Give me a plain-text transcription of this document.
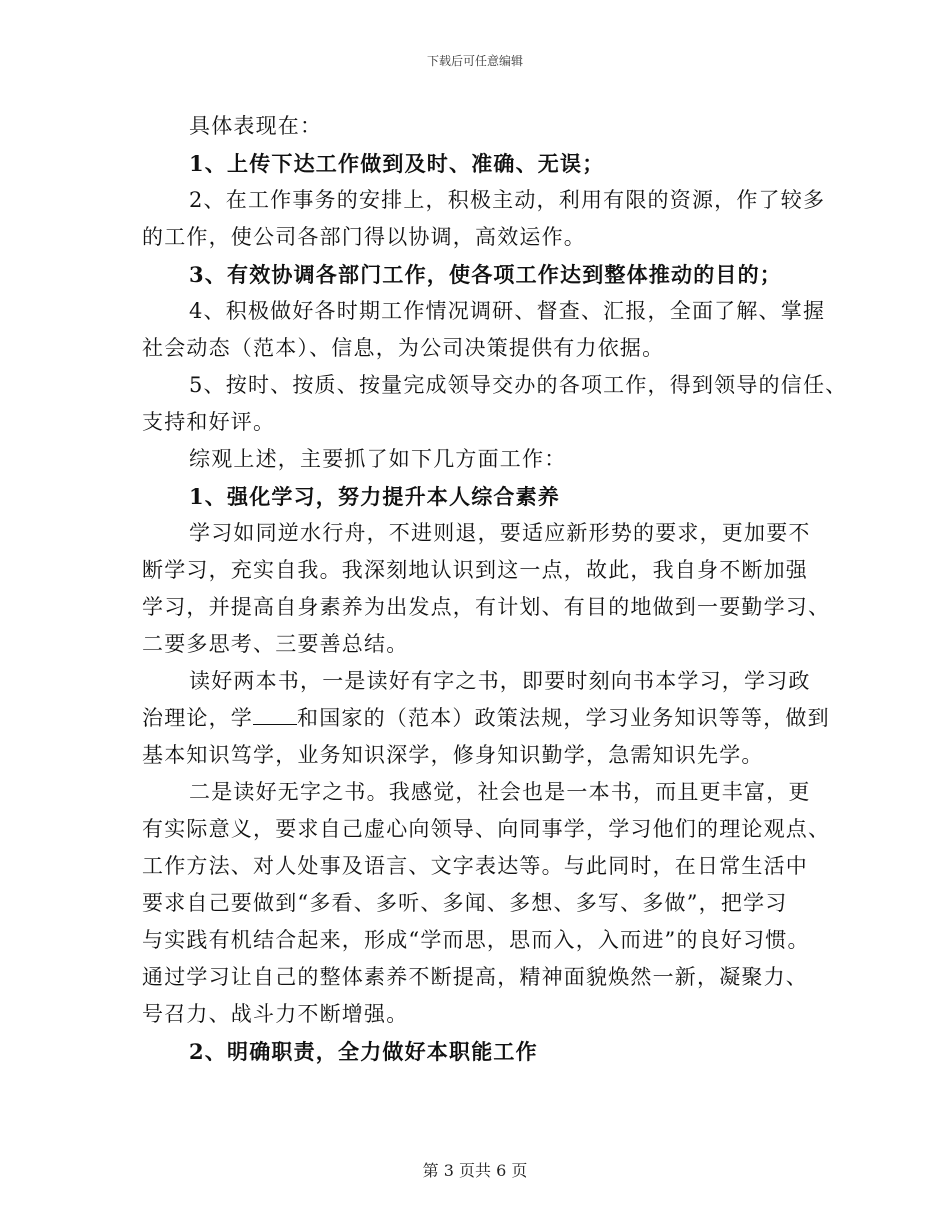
下载后可任意编辑
具体表现在：
1、上传下达工作做到及时、准确、无误；
2、在工作事务的安排上，积极主动，利用有限的资源，作了较多
的工作，使公司各部门得以协调，高效运作。
3、有效协调各部门工作，使各项工作达到整体推动的目的；
4、积极做好各时期工作情况调研、督查、汇报，全面了解、掌握
社会动态（范本）、信息，为公司决策提供有力依据。
5、按时、按质、按量完成领导交办的各项工作，得到领导的信任、
支持和好评。
综观上述，主要抓了如下几方面工作：
1、强化学习，努力提升本人综合素养
学习如同逆水行舟，不进则退，要适应新形势的要求，更加要不
断学习，充实自我。我深刻地认识到这一点，故此，我自身不断加强
学习，并提高自身素养为出发点，有计划、有目的地做到一要勤学习、
二要多思考、三要善总结。
读好两本书，一是读好有字之书，即要时刻向书本学习，学习政
治理论，学 和国家的（范本）政策法规，学习业务知识等等，做到
基本知识笃学，业务知识深学，修身知识勤学，急需知识先学。
二是读好无字之书。我感觉，社会也是一本书，而且更丰富，更
有实际意义，要求自己虚心向领导、向同事学，学习他们的理论观点、
工作方法、对人处事及语言、文字表达等。与此同时，在日常生活中
要求自己要做到“多看、多听、多闻、多想、多写、多做”，把学习
与实践有机结合起来，形成“学而思，思而入，入而进”的良好习惯。
通过学习让自己的整体素养不断提高，精神面貌焕然一新，凝聚力、
号召力、战斗力不断增强。
2、明确职责，全力做好本职能工作
第 3 页共 6 页
